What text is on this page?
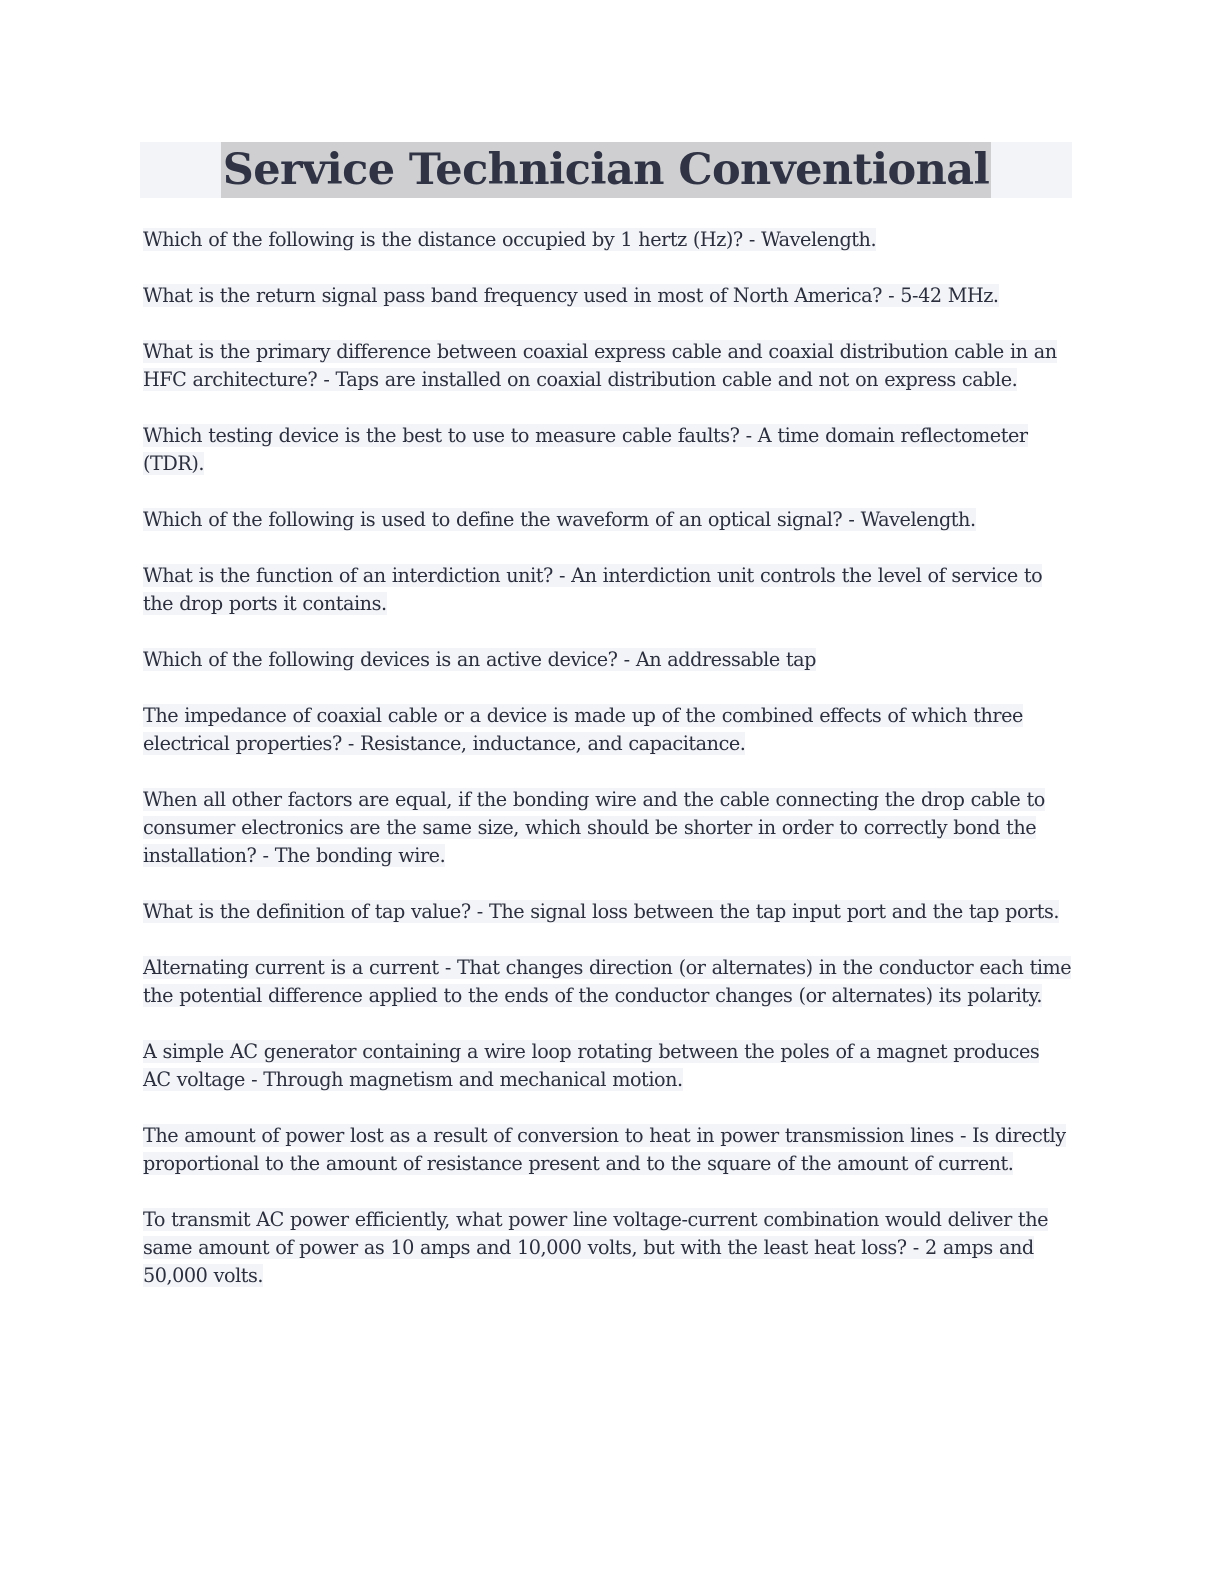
Service Technician Conventional

Which of the following is the distance occupied by 1 hertz (Hz)? - Wavelength.

What is the return signal pass band frequency used in most of North America? - 5-42 MHz.

What is the primary difference between coaxial express cable and coaxial distribution cable in an HFC architecture? - Taps are installed on coaxial distribution cable and not on express cable.

Which testing device is the best to use to measure cable faults? - A time domain reflectometer (TDR).

Which of the following is used to define the waveform of an optical signal? - Wavelength.

What is the function of an interdiction unit? - An interdiction unit controls the level of service to the drop ports it contains.

Which of the following devices is an active device? - An addressable tap

The impedance of coaxial cable or a device is made up of the combined effects of which three electrical properties? - Resistance, inductance, and capacitance.

When all other factors are equal, if the bonding wire and the cable connecting the drop cable to consumer electronics are the same size, which should be shorter in order to correctly bond the installation? - The bonding wire.

What is the definition of tap value? - The signal loss between the tap input port and the tap ports.

Alternating current is a current - That changes direction (or alternates) in the conductor each time the potential difference applied to the ends of the conductor changes (or alternates) its polarity.

A simple AC generator containing a wire loop rotating between the poles of a magnet produces AC voltage - Through magnetism and mechanical motion.

The amount of power lost as a result of conversion to heat in power transmission lines - Is directly proportional to the amount of resistance present and to the square of the amount of current.

To transmit AC power efficiently, what power line voltage-current combination would deliver the same amount of power as 10 amps and 10,000 volts, but with the least heat loss? - 2 amps and 50,000 volts.
